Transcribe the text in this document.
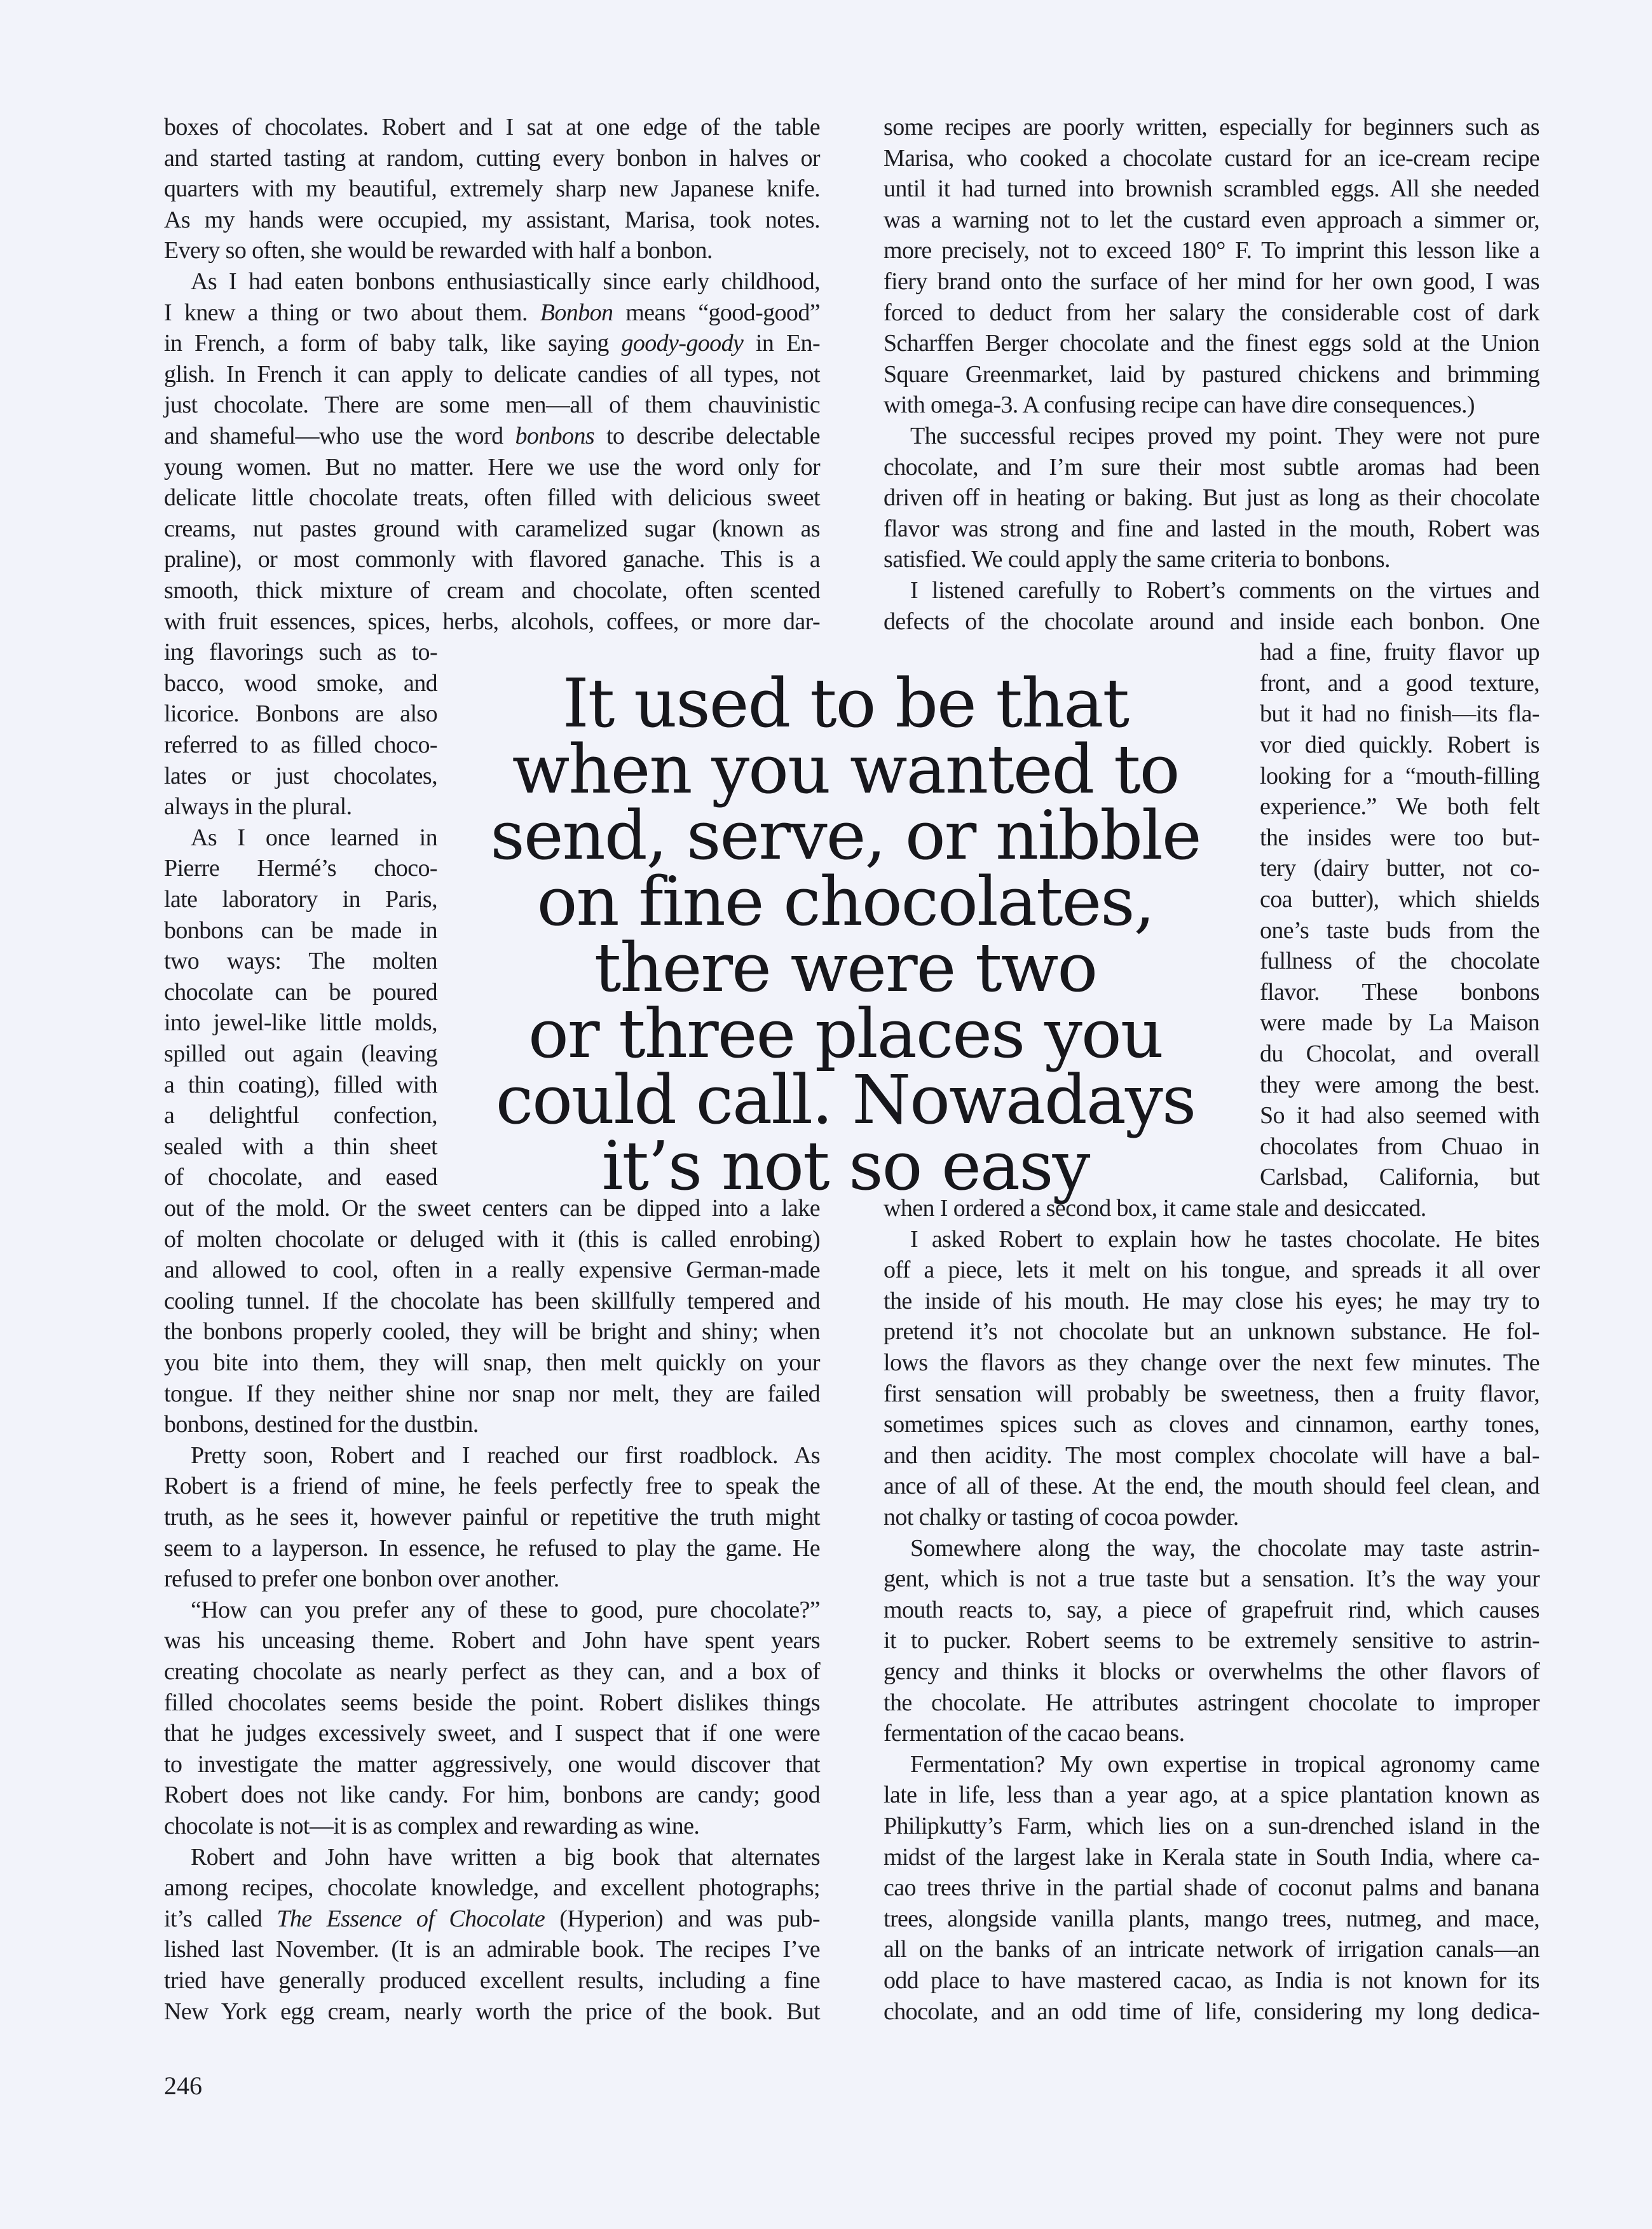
boxes of chocolates. Robert and I sat at one edge of the table
and started tasting at random, cutting every bonbon in halves or
quarters with my beautiful, extremely sharp new Japanese knife.
As my hands were occupied, my assistant, Marisa, took notes.
Every so often, she would be rewarded with half a bonbon.
As I had eaten bonbons enthusiastically since early childhood,
I knew a thing or two about them. Bonbon means “good-good”
in French, a form of baby talk, like saying goody-goody in En-
glish. In French it can apply to delicate candies of all types, not
just chocolate. There are some men—all of them chauvinistic
and shameful—who use the word bonbons to describe delectable
young women. But no matter. Here we use the word only for
delicate little chocolate treats, often filled with delicious sweet
creams, nut pastes ground with caramelized sugar (known as
praline), or most commonly with flavored ganache. This is a
smooth, thick mixture of cream and chocolate, often scented
with fruit essences, spices, herbs, alcohols, coffees, or more dar-
ing flavorings such as to-
bacco, wood smoke, and
licorice. Bonbons are also
referred to as filled choco-
lates or just chocolates,
always in the plural.
As I once learned in
Pierre Hermé’s choco-
late laboratory in Paris,
bonbons can be made in
two ways: The molten
chocolate can be poured
into jewel-like little molds,
spilled out again (leaving
a thin coating), filled with
a delightful confection,
sealed with a thin sheet
of chocolate, and eased
out of the mold. Or the sweet centers can be dipped into a lake
of molten chocolate or deluged with it (this is called enrobing)
and allowed to cool, often in a really expensive German-made
cooling tunnel. If the chocolate has been skillfully tempered and
the bonbons properly cooled, they will be bright and shiny; when
you bite into them, they will snap, then melt quickly on your
tongue. If they neither shine nor snap nor melt, they are failed
bonbons, destined for the dustbin.
Pretty soon, Robert and I reached our first roadblock. As
Robert is a friend of mine, he feels perfectly free to speak the
truth, as he sees it, however painful or repetitive the truth might
seem to a layperson. In essence, he refused to play the game. He
refused to prefer one bonbon over another.
“How can you prefer any of these to good, pure chocolate?”
was his unceasing theme. Robert and John have spent years
creating chocolate as nearly perfect as they can, and a box of
filled chocolates seems beside the point. Robert dislikes things
that he judges excessively sweet, and I suspect that if one were
to investigate the matter aggressively, one would discover that
Robert does not like candy. For him, bonbons are candy; good
chocolate is not—it is as complex and rewarding as wine.
Robert and John have written a big book that alternates
among recipes, chocolate knowledge, and excellent photographs;
it’s called The Essence of Chocolate (Hyperion) and was pub-
lished last November. (It is an admirable book. The recipes I’ve
tried have generally produced excellent results, including a fine
New York egg cream, nearly worth the price of the book. But
some recipes are poorly written, especially for beginners such as
Marisa, who cooked a chocolate custard for an ice-cream recipe
until it had turned into brownish scrambled eggs. All she needed
was a warning not to let the custard even approach a simmer or,
more precisely, not to exceed 180° F. To imprint this lesson like a
fiery brand onto the surface of her mind for her own good, I was
forced to deduct from her salary the considerable cost of dark
Scharffen Berger chocolate and the finest eggs sold at the Union
Square Greenmarket, laid by pastured chickens and brimming
with omega-3. A confusing recipe can have dire consequences.)
The successful recipes proved my point. They were not pure
chocolate, and I’m sure their most subtle aromas had been
driven off in heating or baking. But just as long as their chocolate
flavor was strong and fine and lasted in the mouth, Robert was
satisfied. We could apply the same criteria to bonbons.
I listened carefully to Robert’s comments on the virtues and
defects of the chocolate around and inside each bonbon. One
had a fine, fruity flavor up
front, and a good texture,
but it had no finish—its fla-
vor died quickly. Robert is
looking for a “mouth-filling
experience.” We both felt
the insides were too but-
tery (dairy butter, not co-
coa butter), which shields
one’s taste buds from the
fullness of the chocolate
flavor. These bonbons
were made by La Maison
du Chocolat, and overall
they were among the best.
So it had also seemed with
chocolates from Chuao in
Carlsbad, California, but
when I ordered a second box, it came stale and desiccated.
I asked Robert to explain how he tastes chocolate. He bites
off a piece, lets it melt on his tongue, and spreads it all over
the inside of his mouth. He may close his eyes; he may try to
pretend it’s not chocolate but an unknown substance. He fol-
lows the flavors as they change over the next few minutes. The
first sensation will probably be sweetness, then a fruity flavor,
sometimes spices such as cloves and cinnamon, earthy tones,
and then acidity. The most complex chocolate will have a bal-
ance of all of these. At the end, the mouth should feel clean, and
not chalky or tasting of cocoa powder.
Somewhere along the way, the chocolate may taste astrin-
gent, which is not a true taste but a sensation. It’s the way your
mouth reacts to, say, a piece of grapefruit rind, which causes
it to pucker. Robert seems to be extremely sensitive to astrin-
gency and thinks it blocks or overwhelms the other flavors of
the chocolate. He attributes astringent chocolate to improper
fermentation of the cacao beans.
Fermentation? My own expertise in tropical agronomy came
late in life, less than a year ago, at a spice plantation known as
Philipkutty’s Farm, which lies on a sun-drenched island in the
midst of the largest lake in Kerala state in South India, where ca-
cao trees thrive in the partial shade of coconut palms and banana
trees, alongside vanilla plants, mango trees, nutmeg, and mace,
all on the banks of an intricate network of irrigation canals—an
odd place to have mastered cacao, as India is not known for its
chocolate, and an odd time of life, considering my long dedica-
It used to be that
when you wanted to
send, serve, or nibble
on fine chocolates,
there were two
or three places you
could call. Nowadays
it’s not so easy
246
